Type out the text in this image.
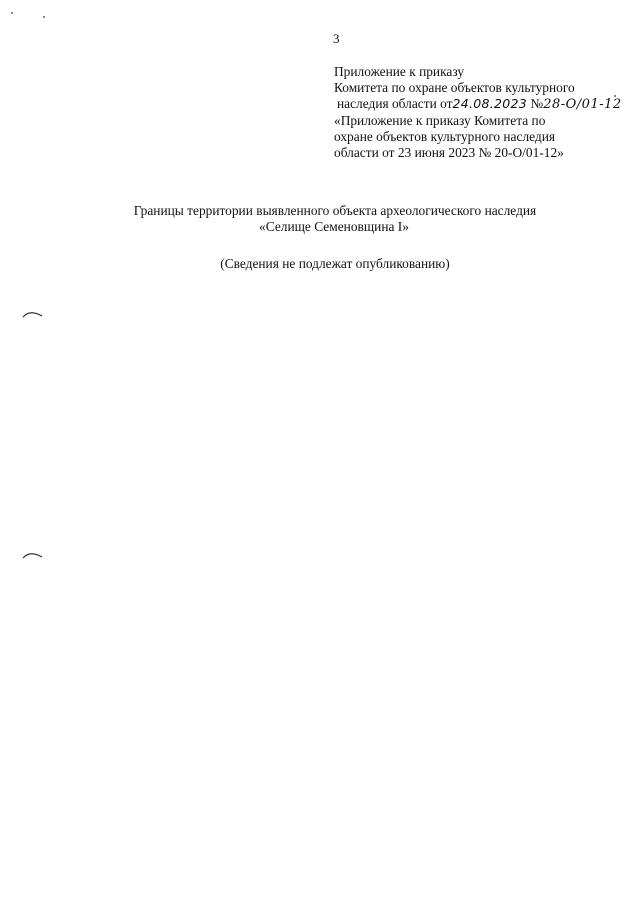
3
Приложение к приказу
Комитета по охране объектов культурного
наследия области от24.08.2023 №28-О/01-12
«Приложение к приказу Комитета по
охране объектов культурного наследия
области от 23 июня 2023 № 20-О/01-12»
Границы территории выявленного объекта археологического наследия
«Селище Семеновщина I»
(Сведения не подлежат опубликованию)
